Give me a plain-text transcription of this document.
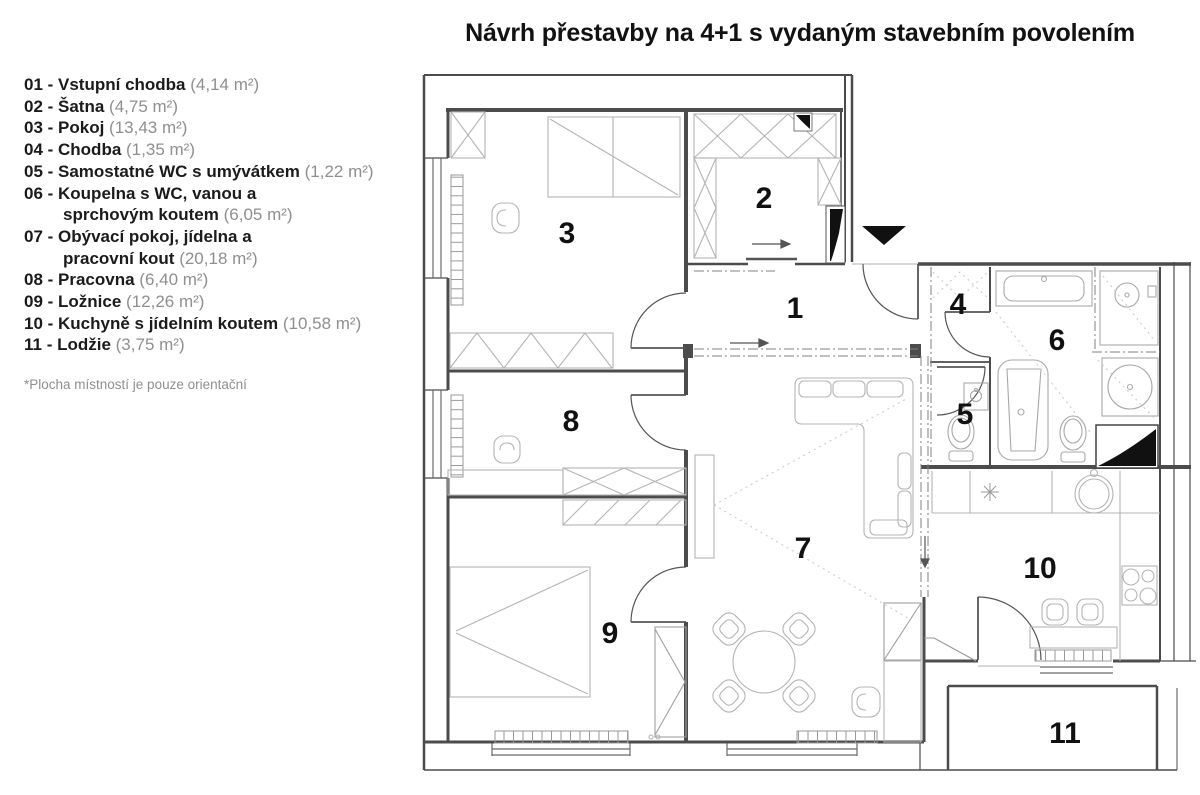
Návrh přestavby na 4+1 s vydaným stavebním povolením
01 - Vstupní chodba (4,14 m²)
02 - Šatna (4,75 m²)
03 - Pokoj (13,43 m²)
04 - Chodba (1,35 m²)
05 - Samostatné WC s umývátkem (1,22 m²)
06 - Koupelna s WC, vanou a
sprchovým koutem (6,05 m²)
07 - Obývací pokoj, jídelna a
pracovní kout (20,18 m²)
08 - Pracovna (6,40 m²)
09 - Ložnice (12,26 m²)
10 - Kuchyně s jídelním koutem (10,58 m²)
11 - Lodžie (3,75 m²)
*Plocha místností je pouze orientační
1
2
3
4
5
6
7
8
9
10
11
